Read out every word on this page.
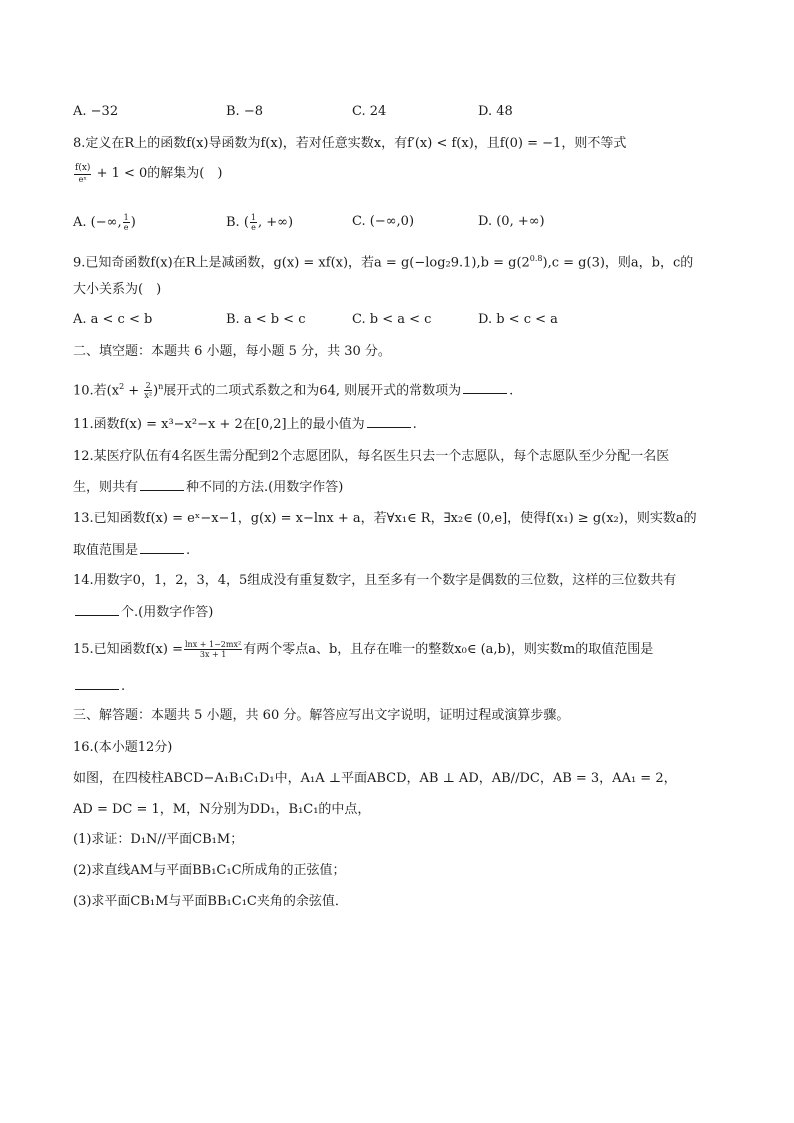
A. −32	B. −8	C. 24	D. 48
8.定义在R上的函数f(x)导函数为f(x)，若对任意实数x，有f′(x) < f(x)，且f(0) = −1，则不等式
$\frac{f(x)}{\text{eˣ}} + 1 < 0$的解集为(　)
A. (−∞, $\frac{1}{e}$ )	B. ( $\frac{1}{e}$ , +∞)	C. (−∞,0)	D. (0, +∞)
9.已知奇函数f(x)在R上是减函数，g(x) = xf(x)，若$a = g(-\log_29.1),b = g(2^{0.8}),c = g(3)$，则a，b，c的
大小关系为(　)
A. a < c < b	B. a < b < c	C. b < a < c	D. b < c < a
二、填空题：本题共 6 小题，每小题 5 分，共 30 分。
10.若$(x^2 + \frac{2}{\text{x²}} )^n$展开式的二项式系数之和为64, 则展开式的常数项为	.
11.函数f(x) = x³−x²−x + 2在[0,2]上的最小值为	.
12.某医疗队伍有4名医生需分配到2个志愿团队，每名医生只去一个志愿队，每个志愿队至少分配一名医
生，则共有	种不同的方法.(用数字作答)
13.已知函数f(x) = eˣ−x−1，g(x) = x−lnx + a，若∀x₁∈ R，∃x₂∈ (0,e]，使得f(x₁) ≥ g(x₂)，则实数a的
取值范围是	.
14.用数字0，1，2，3，4，5组成没有重复数字，且至多有一个数字是偶数的三位数，这样的三位数共有
个.(用数字作答)
15.已知函数$f(x) = \frac{\text{lnx + 1−2mx²}}{3x + 1}$ 有两个零点a、b，且存在唯一的整数x₀∈ (a,b)，则实数m的取值范围是
.
三、解答题：本题共 5 小题，共 60 分。解答应写出文字说明，证明过程或演算步骤。
16.(本小题12分)
如图，在四棱柱ABCD−A₁B₁C₁D₁中，A₁A ⊥平面ABCD，AB ⊥ AD，AB//DC，AB = 3，AA₁ = 2，
AD = DC = 1，M，N分别为DD₁，B₁C₁的中点，
(1)求证：D₁N//平面CB₁M；
(2)求直线AM与平面BB₁C₁C所成角的正弦值；
(3)求平面CB₁M与平面BB₁C₁C夹角的余弦值．
